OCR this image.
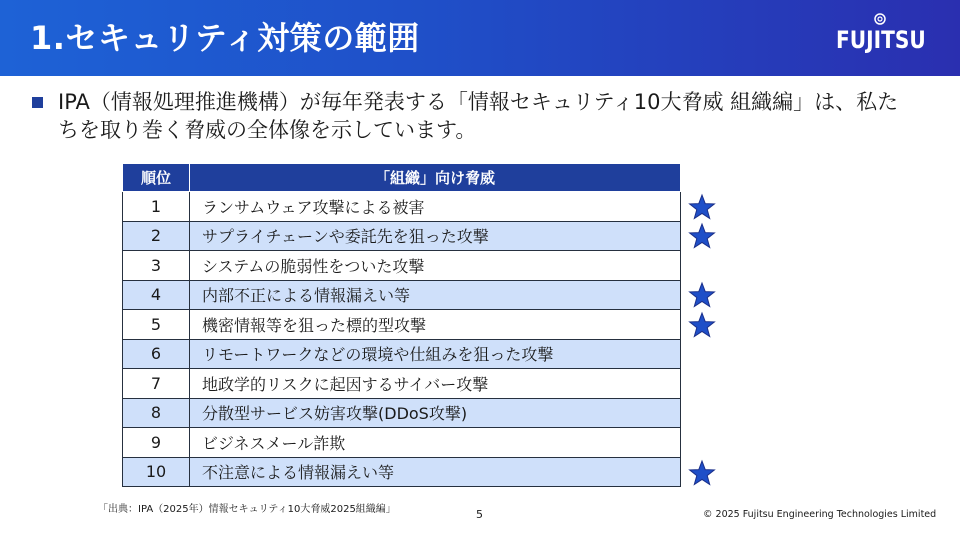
1.セキュリティ対策の範囲	FUJITSU
IPA（情報処理推進機構）が毎年発表する「情報セキュリティ10大脅威 組織編」は、私たちを取り巻く脅威の全体像を示しています。
順位	「組織」向け脅威
1	ランサムウェア攻撃による被害
2	サプライチェーンや委託先を狙った攻撃
3	システムの脆弱性をついた攻撃
4	内部不正による情報漏えい等
5	機密情報等を狙った標的型攻撃
6	リモートワークなどの環境や仕組みを狙った攻撃
7	地政学的リスクに起因するサイバー攻撃
8	分散型サービス妨害攻撃(DDoS攻撃)
9	ビジネスメール詐欺
10	不注意による情報漏えい等
「出典：IPA（2025年）情報セキュリティ10大脅威2025組織編」	5	© 2025 Fujitsu Engineering Technologies Limited
